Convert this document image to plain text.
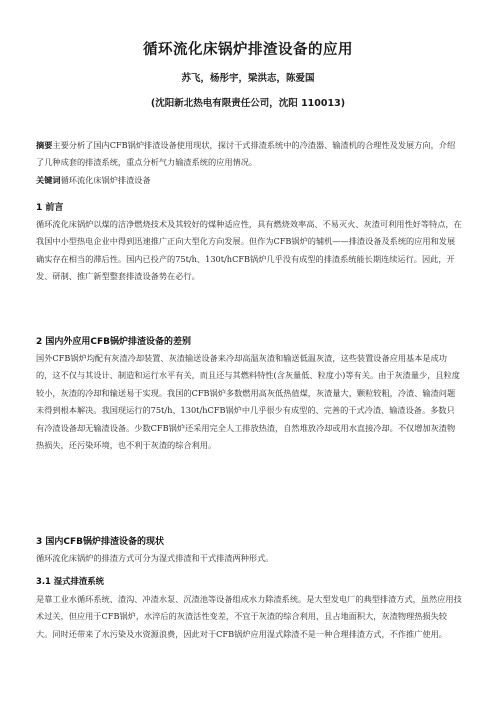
循环流化床锅炉排渣设备的应用
苏飞，杨彤宇，梁洪志，陈爱国
(沈阳新北热电有限责任公司，沈阳 110013)

摘要主要分析了国内CFB锅炉排渣设备使用现状，探讨干式排渣系统中的冷渣器、输渣机的合理性及发展方向，介绍了几种成套的排渣系统，重点分析气力输渣系统的应用情况。

关键词循环流化床锅炉排渣设备

1 前言

循环流化床锅炉以煤的洁净燃烧技术及其较好的煤种适应性，具有燃烧效率高、不易灭火、灰渣可利用性好等特点，在我国中小型热电企业中得到迅速推广正向大型化方向发展。但作为CFB锅炉的辅机——排渣设备及系统的应用和发展确实存在相当的滞后性。国内已投产的75t/h、130t/hCFB锅炉几乎没有成型的排渣系统能长期连续运行。因此，开发、研制、推广新型整套排渣设备势在必行。

2 国内外应用CFB锅炉排渣设备的差别

国外CFB锅炉均配有灰渣冷却装置、灰渣输送设备来冷却高温灰渣和输送低温灰渣，这些装置设备应用基本是成功的，这不仅与其设计、制造和运行水平有关，而且还与其燃料特性(含灰量低、粒度小)等有关。由于灰渣量少，且粒度较小，灰渣的冷却和输送易于实现。我国的CFB锅炉多数燃用高灰低热值煤，灰渣量大，颗粒较粗，冷渣、输渣问题未得到根本解决。我国现运行的75t/h、130t/hCFB锅炉中几乎很少有成型的、完善的干式冷渣、输渣设备。多数只有冷渣设备却无输渣设备。少数CFB锅炉还采用完全人工排放热渣，自然堆放冷却或用水直接冷却。不仅增加灰渣物热损失，还污染环境，也不利于灰渣的综合利用。

3 国内CFB锅炉排渣设备的现状

循环流化床锅炉的排渣方式可分为湿式排渣和干式排渣两种形式。

3.1 湿式排渣系统

是靠工业水循环系统、渣沟、冲渣水泵、沉渣池等设备组成水力除渣系统。是大型发电厂的典型排渣方式，虽然应用技术过关，但应用于CFB锅炉，水淬后的灰渣活性变差，不宜于灰渣的综合利用，且占地面积大，灰渣物理热损失较大。同时还带来了水污染及水资源浪费，因此对于CFB锅炉应用湿式除渣不是一种合理排渣方式，不作推广使用。
